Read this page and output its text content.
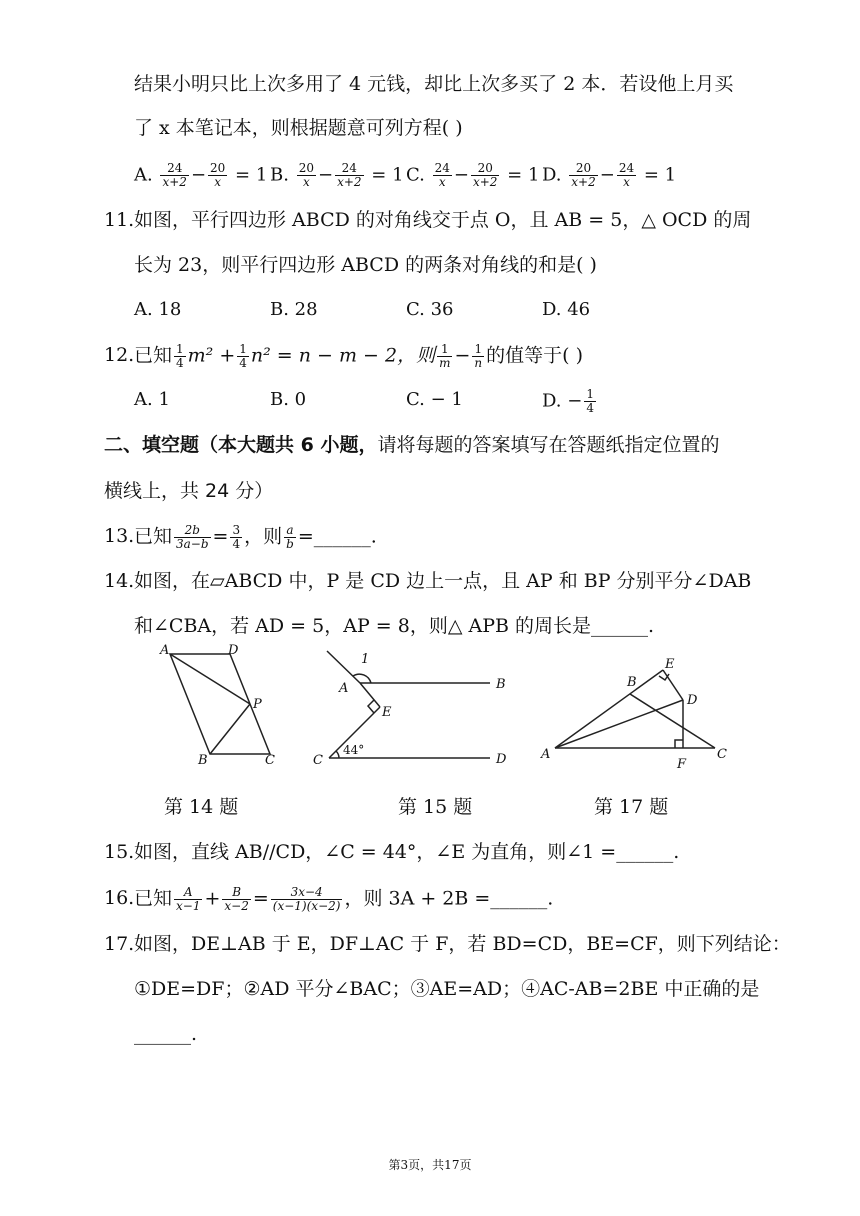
结果小明只比上次多用了 4 元钱，却比上次多买了 2 本．若设他上月买
了 x 本笔记本，则根据题意可列方程( )
A. $\frac{24}{x+2} - \frac{20}{x} = 1$ B. $\frac{20}{x} - \frac{24}{x+2} = 1$ C. $\frac{24}{x} - \frac{20}{x+2} = 1$ D. $\frac{20}{x+2} - \frac{24}{x} = 1$
11. 如图，平行四边形 ABCD 的对角线交于点 O，且 AB = 5，△ OCD 的周
长为 23，则平行四边形 ABCD 的两条对角线的和是( )
A. 18	B. 28	C. 36	D. 46
12. 已知 $\frac{1}{4} m^2 + \frac{1}{4} n^2 = n - m - 2$，则 $\frac{1}{m} - \frac{1}{n}$ 的值等于( )
A. 1	B. 0	C. − 1	D. − $\frac{1}{4}$
二、填空题（本大题共 6 小题，请将每题的答案填写在答题纸指定位置的
横线上，共 24 分）
13. 已知 $\frac{2b}{3a-b} = \frac{3}{4}$ ，则 $\frac{a}{b}$ =______.
14. 如图，在▱ABCD 中，P 是 CD 边上一点，且 AP 和 BP 分别平分∠DAB
和∠CBA，若 AD = 5，AP = 8，则△ APB 的周长是______.
A	D
P
B	C
1
A	B
E
C
44°
D
E
B
D
A
F
C
第 14 题	第 15 题	第 17 题
15. 如图，直线 AB//CD，∠C = 44°，∠E 为直角，则∠1 =______.
16. 已知 $\frac{A}{x-1} + \frac{B}{x-2} = \frac{3x-4}{(x-1)(x-2)}$ ，则 3A + 2B =______.
17. 如图，DE⊥AB 于 E，DF⊥AC 于 F，若 BD=CD，BE=CF，则下列结论：
①DE=DF；②AD 平分∠BAC；③AE=AD；④AC-AB=2BE 中正确的是
______.
第3页，共17页
